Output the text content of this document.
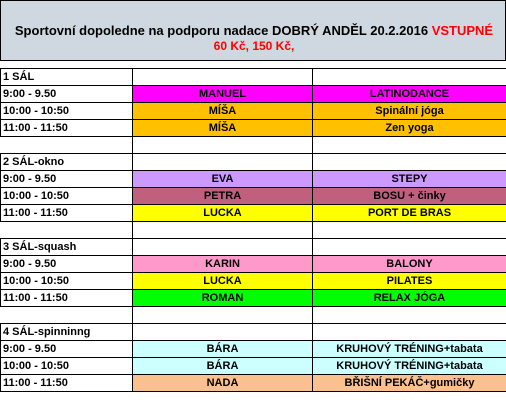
Sportovní dopoledne na podporu nadace DOBRÝ ANDĚL 20.2.2016 VSTUPNÉ
60 Kč, 150 Kč,
1 SÁL		
9:00 - 9.50	MANUEL	LATINODANCE
10:00 - 10:50	MÍŠA	Spinální jóga
11:00 - 11:50	MÍŠA	Zen yoga

2 SÁL-okno		
9:00 - 9.50	EVA	STEPY
10:00 - 10:50	PETRA	BOSU + činky
11:00 - 11:50	LUCKA	PORT DE BRAS

3 SÁL-squash		
9:00 - 9.50	KARIN	BALONY
10:00 - 10:50	LUCKA	PILATES
11:00 - 11:50	ROMAN	RELAX JÓGA

4 SÁL-spinninng		
9:00 - 9.50	BÁRA	KRUHOVÝ TRÉNING+tabata
10:00 - 10:50	BÁRA	KRUHOVÝ TRÉNING+tabata
11:00 - 11:50	NADA	BŘIŠNÍ PEKÁČ+gumičky
